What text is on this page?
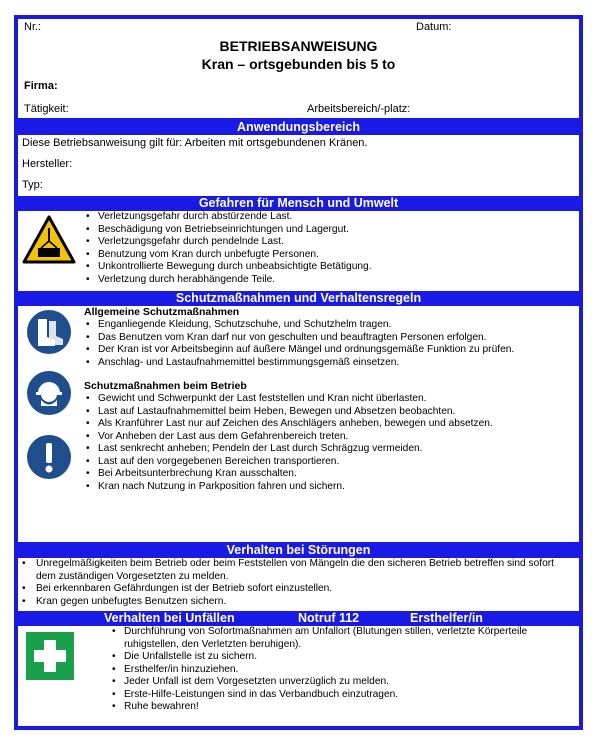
Nr.:	Datum:
BETRIEBSANWEISUNG
Kran – ortsgebunden bis 5 to
Firma:
Tätigkeit:	Arbeitsbereich/-platz:
Anwendungsbereich
Diese Betriebsanweisung gilt für: Arbeiten mit ortsgebundenen Kränen.
Hersteller:
Typ:
Gefahren für Mensch und Umwelt
• Verletzungsgefahr durch abstürzende Last.
• Beschädigung von Betriebseinrichtungen und Lagergut.
• Verletzungsgefahr durch pendelnde Last.
• Benutzung vom Kran durch unbefugte Personen.
• Unkontrollierte Bewegung durch unbeabsichtigte Betätigung.
• Verletzung durch herabhängende Teile.
Schutzmaßnahmen und Verhaltensregeln
Allgemeine Schutzmaßnahmen
• Enganliegende Kleidung, Schutzschuhe, und Schutzhelm tragen.
• Das Benutzen vom Kran darf nur von geschulten und beauftragten Personen erfolgen.
• Der Kran ist vor Arbeitsbeginn auf äußere Mängel und ordnungsgemäße Funktion zu prüfen.
• Anschlag- und Lastaufnahmemittel bestimmungsgemäß einsetzen.
Schutzmaßnahmen beim Betrieb
• Gewicht und Schwerpunkt der Last feststellen und Kran nicht überlasten.
• Last auf Lastaufnahmemittel beim Heben, Bewegen und Absetzen beobachten.
• Als Kranführer Last nur auf Zeichen des Anschlägers anheben, bewegen und absetzen.
• Vor Anheben der Last aus dem Gefahrenbereich treten.
• Last senkrecht anheben; Pendeln der Last durch Schrägzug vermeiden.
• Last auf den vorgegebenen Bereichen transportieren.
• Bei Arbeitsunterbrechung Kran ausschalten.
• Kran nach Nutzung in Parkposition fahren und sichern.
Verhalten bei Störungen
• Unregelmäßigkeiten beim Betrieb oder beim Feststellen von Mängeln die den sicheren Betrieb betreffen sind sofort dem zuständigen Vorgesetzten zu melden.
• Bei erkennbaren Gefährdungen ist der Betrieb sofort einzustellen.
• Kran gegen unbefugtes Benutzen sichern.
Verhalten bei Unfällen	Notruf 112	Ersthelfer/in
• Durchführung von Sofortmaßnahmen am Unfallort (Blutungen stillen, verletzte Körperteile ruhigstellen, den Verletzten beruhigen).
• Die Unfallstelle ist zu sichern.
• Ersthelfer/in hinzuziehen.
• Jeder Unfall ist dem Vorgesetzten unverzüglich zu melden.
• Erste-Hilfe-Leistungen sind in das Verbandbuch einzutragen.
• Ruhe bewahren!
